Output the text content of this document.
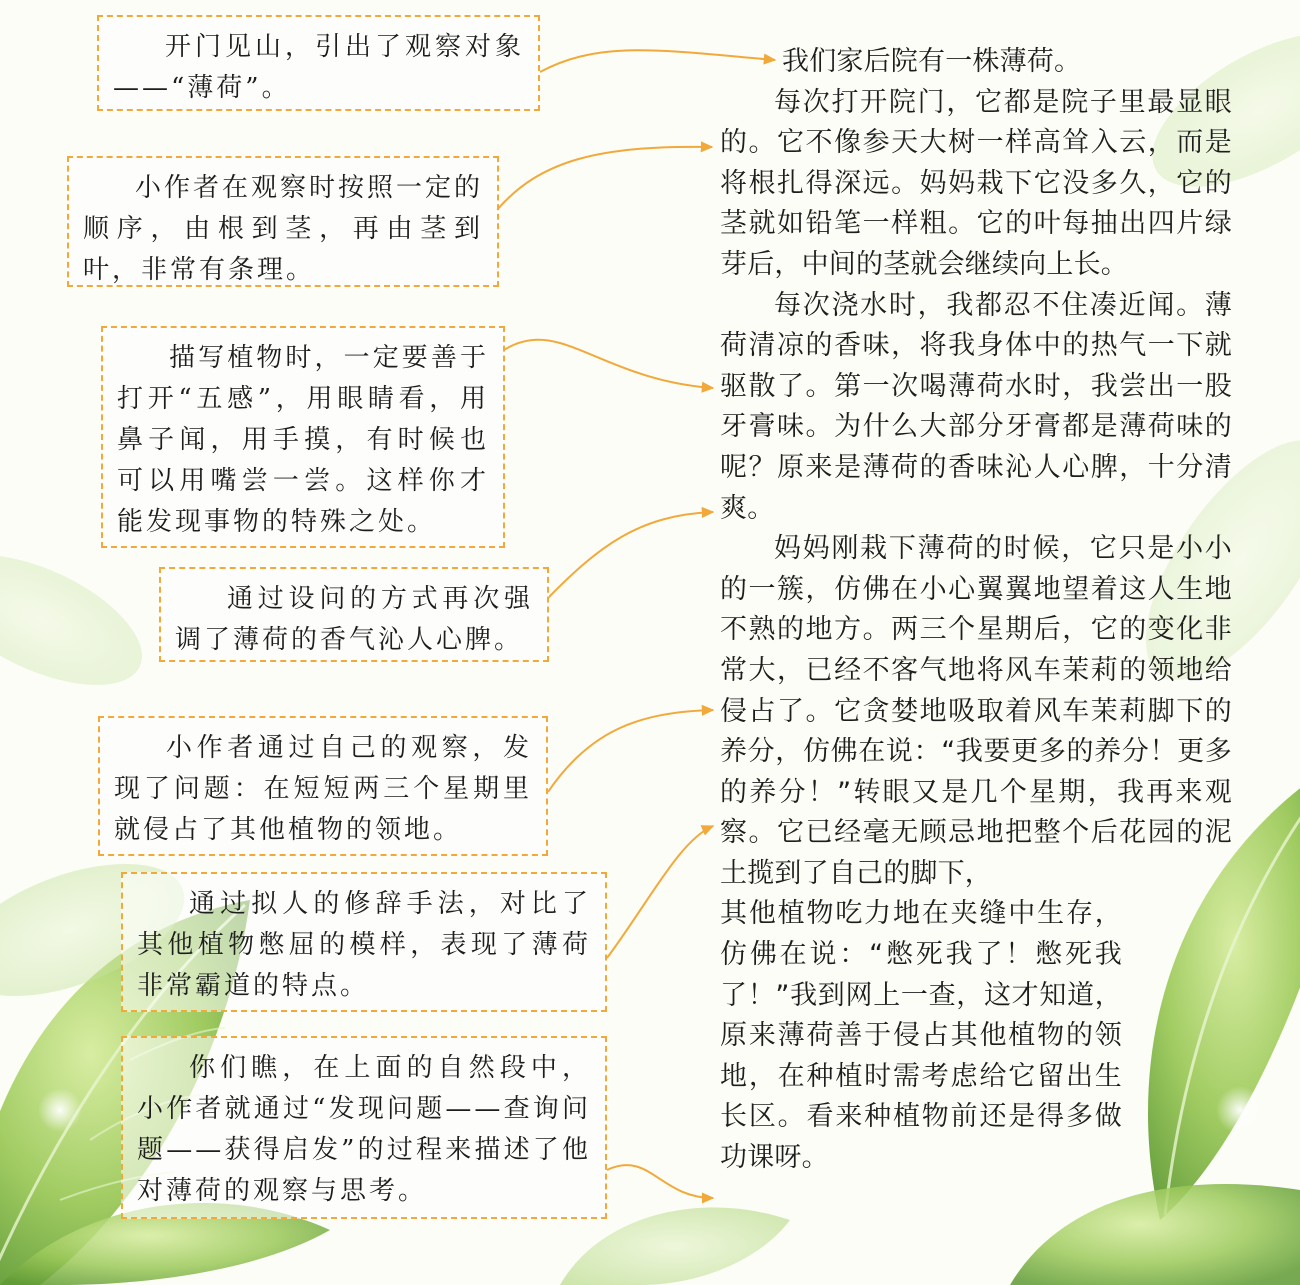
开门见山，引出了观察对象——“薄荷”。

小作者在观察时按照一定的顺序，由根到茎，再由茎到叶，非常有条理。

描写植物时，一定要善于打开“五感”，用眼睛看，用鼻子闻，用手摸，有时候也可以用嘴尝一尝。这样你才能发现事物的特殊之处。

通过设问的方式再次强调了薄荷的香气沁人心脾。

小作者通过自己的观察，发现了问题：在短短两三个星期里就侵占了其他植物的领地。

通过拟人的修辞手法，对比了其他植物憋屈的模样，表现了薄荷非常霸道的特点。

你们瞧，在上面的自然段中，小作者就通过“发现问题——查询问题——获得启发”的过程来描述了他对薄荷的观察与思考。

我们家后院有一株薄荷。

每次打开院门，它都是院子里最显眼的。它不像参天大树一样高耸入云，而是将根扎得深远。妈妈栽下它没多久，它的茎就如铅笔一样粗。它的叶每抽出四片绿芽后，中间的茎就会继续向上长。

每次浇水时，我都忍不住凑近闻。薄荷清凉的香味，将我身体中的热气一下就驱散了。第一次喝薄荷水时，我尝出一股牙膏味。为什么大部分牙膏都是薄荷味的呢？原来是薄荷的香味沁人心脾，十分清爽。

妈妈刚栽下薄荷的时候，它只是小小的一簇，仿佛在小心翼翼地望着这人生地不熟的地方。两三个星期后，它的变化非常大，已经不客气地将风车茉莉的领地给侵占了。它贪婪地吸取着风车茉莉脚下的养分，仿佛在说：“我要更多的养分！更多的养分！”转眼又是几个星期，我再来观察。它已经毫无顾忌地把整个后花园的泥土揽到了自己的脚下，

其他植物吃力地在夹缝中生存，仿佛在说：“憋死我了！憋死我了！”我到网上一查，这才知道，原来薄荷善于侵占其他植物的领地，在种植时需考虑给它留出生长区。看来种植物前还是得多做功课呀。
